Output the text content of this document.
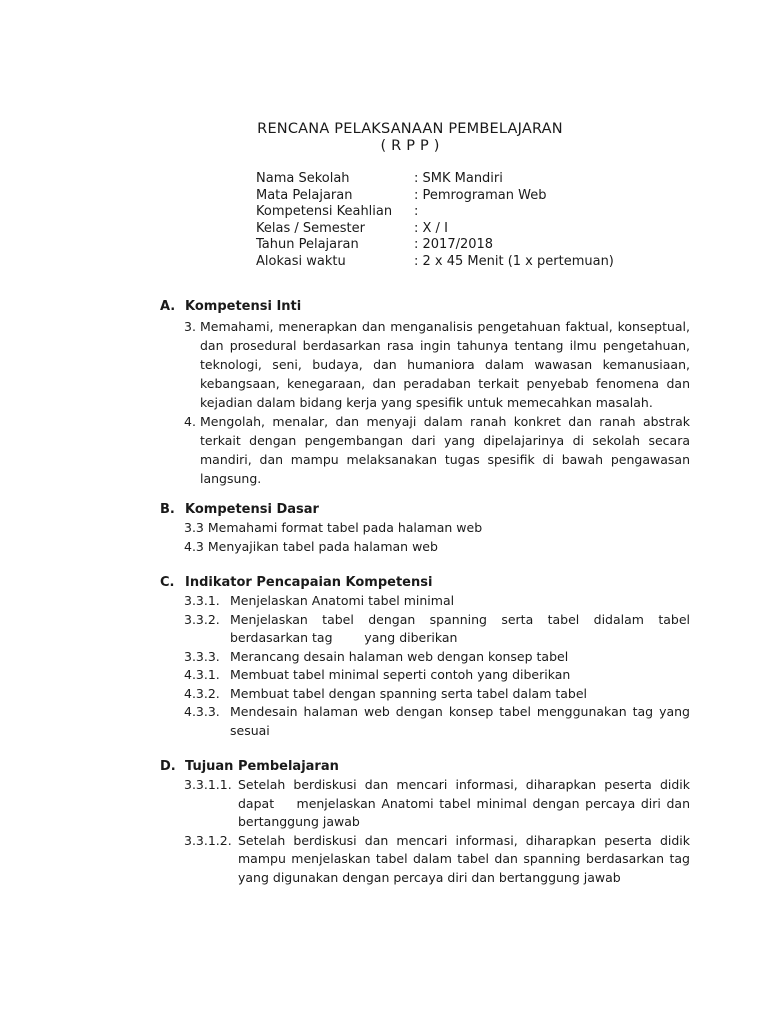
RENCANA PELAKSANAAN PEMBELAJARAN
( R P P )
Nama Sekolah	: SMK Mandiri
Mata Pelajaran	: Pemrograman Web
Kompetensi Keahlian	:
Kelas / Semester	: X / I
Tahun Pelajaran	: 2017/2018
Alokasi waktu	: 2 x 45 Menit (1 x pertemuan)
A. Kompetensi Inti
3. Memahami, menerapkan dan menganalisis pengetahuan faktual, konseptual, dan prosedural berdasarkan rasa ingin tahunya tentang ilmu pengetahuan, teknologi, seni, budaya, dan humaniora dalam wawasan kemanusiaan, kebangsaan, kenegaraan, dan peradaban terkait penyebab fenomena dan kejadian dalam bidang kerja yang spesifik untuk memecahkan masalah.
4. Mengolah, menalar, dan menyaji dalam ranah konkret dan ranah abstrak terkait dengan pengembangan dari yang dipelajarinya di sekolah secara mandiri, dan mampu melaksanakan tugas spesifik di bawah pengawasan langsung.
B. Kompetensi Dasar
3.3 Memahami format tabel pada halaman web
4.3 Menyajikan tabel pada halaman web
C. Indikator Pencapaian Kompetensi
3.3.1. Menjelaskan Anatomi tabel minimal
3.3.2. Menjelaskan tabel dengan spanning serta tabel didalam tabel berdasarkan tag        yang diberikan
3.3.3. Merancang desain halaman web dengan konsep tabel
4.3.1. Membuat tabel minimal seperti contoh yang diberikan
4.3.2. Membuat tabel dengan spanning serta tabel dalam tabel
4.3.3. Mendesain halaman web dengan konsep tabel menggunakan tag yang sesuai
D. Tujuan Pembelajaran
3.3.1.1. Setelah berdiskusi dan mencari informasi, diharapkan peserta didik dapat    menjelaskan Anatomi tabel minimal dengan percaya diri dan bertanggung jawab
3.3.1.2. Setelah berdiskusi dan mencari informasi, diharapkan peserta didik mampu menjelaskan tabel dalam tabel dan spanning berdasarkan tag yang digunakan dengan percaya diri dan bertanggung jawab
